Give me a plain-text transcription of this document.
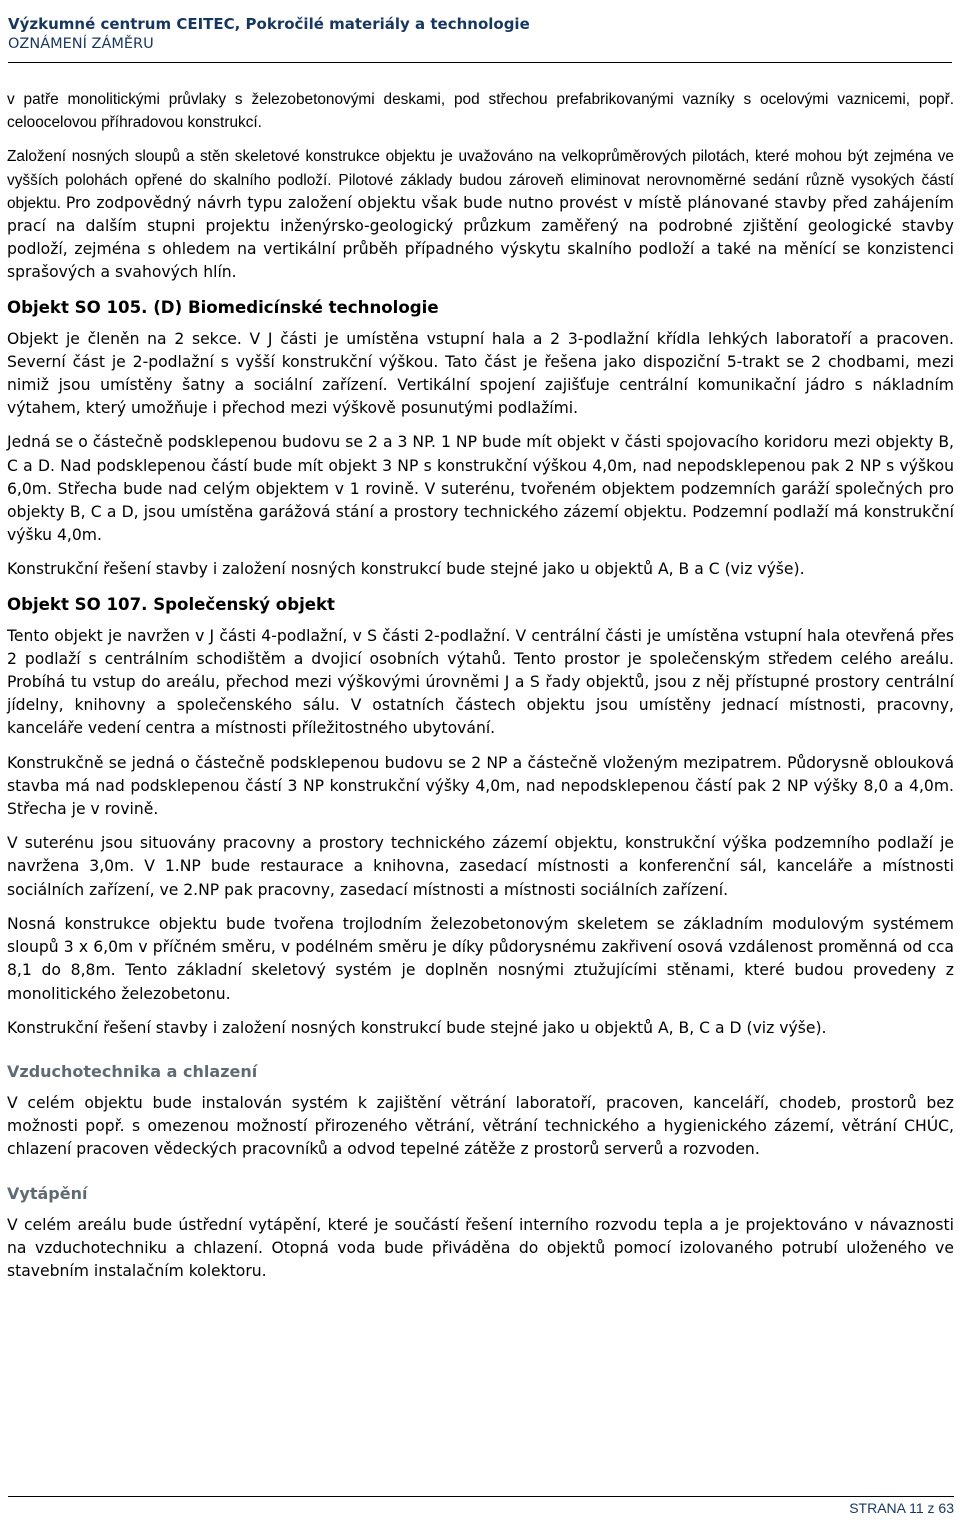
Výzkumné centrum CEITEC, Pokročilé materiály a technologie
OZNÁMENÍ ZÁMĚRU

v patře monolitickými průvlaky s železobetonovými deskami, pod střechou prefabrikovanými vazníky s ocelovými vaznicemi, popř. celoocelovou příhradovou konstrukcí.

Založení nosných sloupů a stěn skeletové konstrukce objektu je uvažováno na velkoprůměrových pilotách, které mohou být zejména ve vyšších polohách opřené do skalního podloží. Pilotové základy budou zároveň eliminovat nerovnoměrné sedání různě vysokých částí objektu. Pro zodpovědný návrh typu založení objektu však bude nutno provést v místě plánované stavby před zahájením prací na dalším stupni projektu inženýrsko-geologický průzkum zaměřený na podrobné zjištění geologické stavby podloží, zejména s ohledem na vertikální průběh případného výskytu skalního podloží a také na měnící se konzistenci sprašových a svahových hlín.

Objekt SO 105. (D) Biomedicínské technologie

Objekt je členěn na 2 sekce. V J části je umístěna vstupní hala a 2 3-podlažní křídla lehkých laboratoří a pracoven. Severní část je 2-podlažní s vyšší konstrukční výškou. Tato část je řešena jako dispoziční 5-trakt se 2 chodbami, mezi nimiž jsou umístěny šatny a sociální zařízení. Vertikální spojení zajišťuje centrální komunikační jádro s nákladním výtahem, který umožňuje i přechod mezi výškově posunutými podlažími.

Jedná se o částečně podsklepenou budovu se 2 a 3 NP. 1 NP bude mít objekt v části spojovacího koridoru mezi objekty B, C a D. Nad podsklepenou částí bude mít objekt 3 NP s konstrukční výškou 4,0m, nad nepodsklepenou pak 2 NP s výškou 6,0m. Střecha bude nad celým objektem v 1 rovině. V suterénu, tvořeném objektem podzemních garáží společných pro objekty B, C a D, jsou umístěna garážová stání a prostory technického zázemí objektu. Podzemní podlaží má konstrukční výšku 4,0m.

Konstrukční řešení stavby i založení nosných konstrukcí bude stejné jako u objektů A, B a C (viz výše).

Objekt SO 107. Společenský objekt

Tento objekt je navržen v J části 4-podlažní, v S části 2-podlažní. V centrální části je umístěna vstupní hala otevřená přes 2 podlaží s centrálním schodištěm a dvojicí osobních výtahů. Tento prostor je společenským středem celého areálu. Probíhá tu vstup do areálu, přechod mezi výškovými úrovněmi J a S řady objektů, jsou z něj přístupné prostory centrální jídelny, knihovny a společenského sálu. V ostatních částech objektu jsou umístěny jednací místnosti, pracovny, kanceláře vedení centra a místnosti příležitostného ubytování.

Konstrukčně se jedná o částečně podsklepenou budovu se 2 NP a částečně vloženým mezipatrem. Půdorysně oblouková stavba má nad podsklepenou částí 3 NP konstrukční výšky 4,0m, nad nepodsklepenou částí pak 2 NP výšky 8,0 a 4,0m. Střecha je v rovině.

V suterénu jsou situovány pracovny a prostory technického zázemí objektu, konstrukční výška podzemního podlaží je navržena 3,0m. V 1.NP bude restaurace a knihovna, zasedací místnosti a konferenční sál, kanceláře a místnosti sociálních zařízení, ve 2.NP pak pracovny, zasedací místnosti a místnosti sociálních zařízení.

Nosná konstrukce objektu bude tvořena trojlodním železobetonovým skeletem se základním modulovým systémem sloupů 3 x 6,0m v příčném směru, v podélném směru je díky půdorysnému zakřivení osová vzdálenost proměnná od cca 8,1 do 8,8m. Tento základní skeletový systém je doplněn nosnými ztužujícími stěnami, které budou provedeny z monolitického železobetonu.

Konstrukční řešení stavby i založení nosných konstrukcí bude stejné jako u objektů A, B, C a D (viz výše).

Vzduchotechnika a chlazení

V celém objektu bude instalován systém k zajištění větrání laboratoří, pracoven, kanceláří, chodeb, prostorů bez možnosti popř. s omezenou možností přirozeného větrání, větrání technického a hygienického zázemí, větrání CHÚC, chlazení pracoven vědeckých pracovníků a odvod tepelné zátěže z prostorů serverů a rozvoden.

Vytápění

V celém areálu bude ústřední vytápění, které je součástí řešení interního rozvodu tepla a je projektováno v návaznosti na vzduchotechniku a chlazení. Otopná voda bude přiváděna do objektů pomocí izolovaného potrubí uloženého ve stavebním instalačním kolektoru.

STRANA 11 z 63
